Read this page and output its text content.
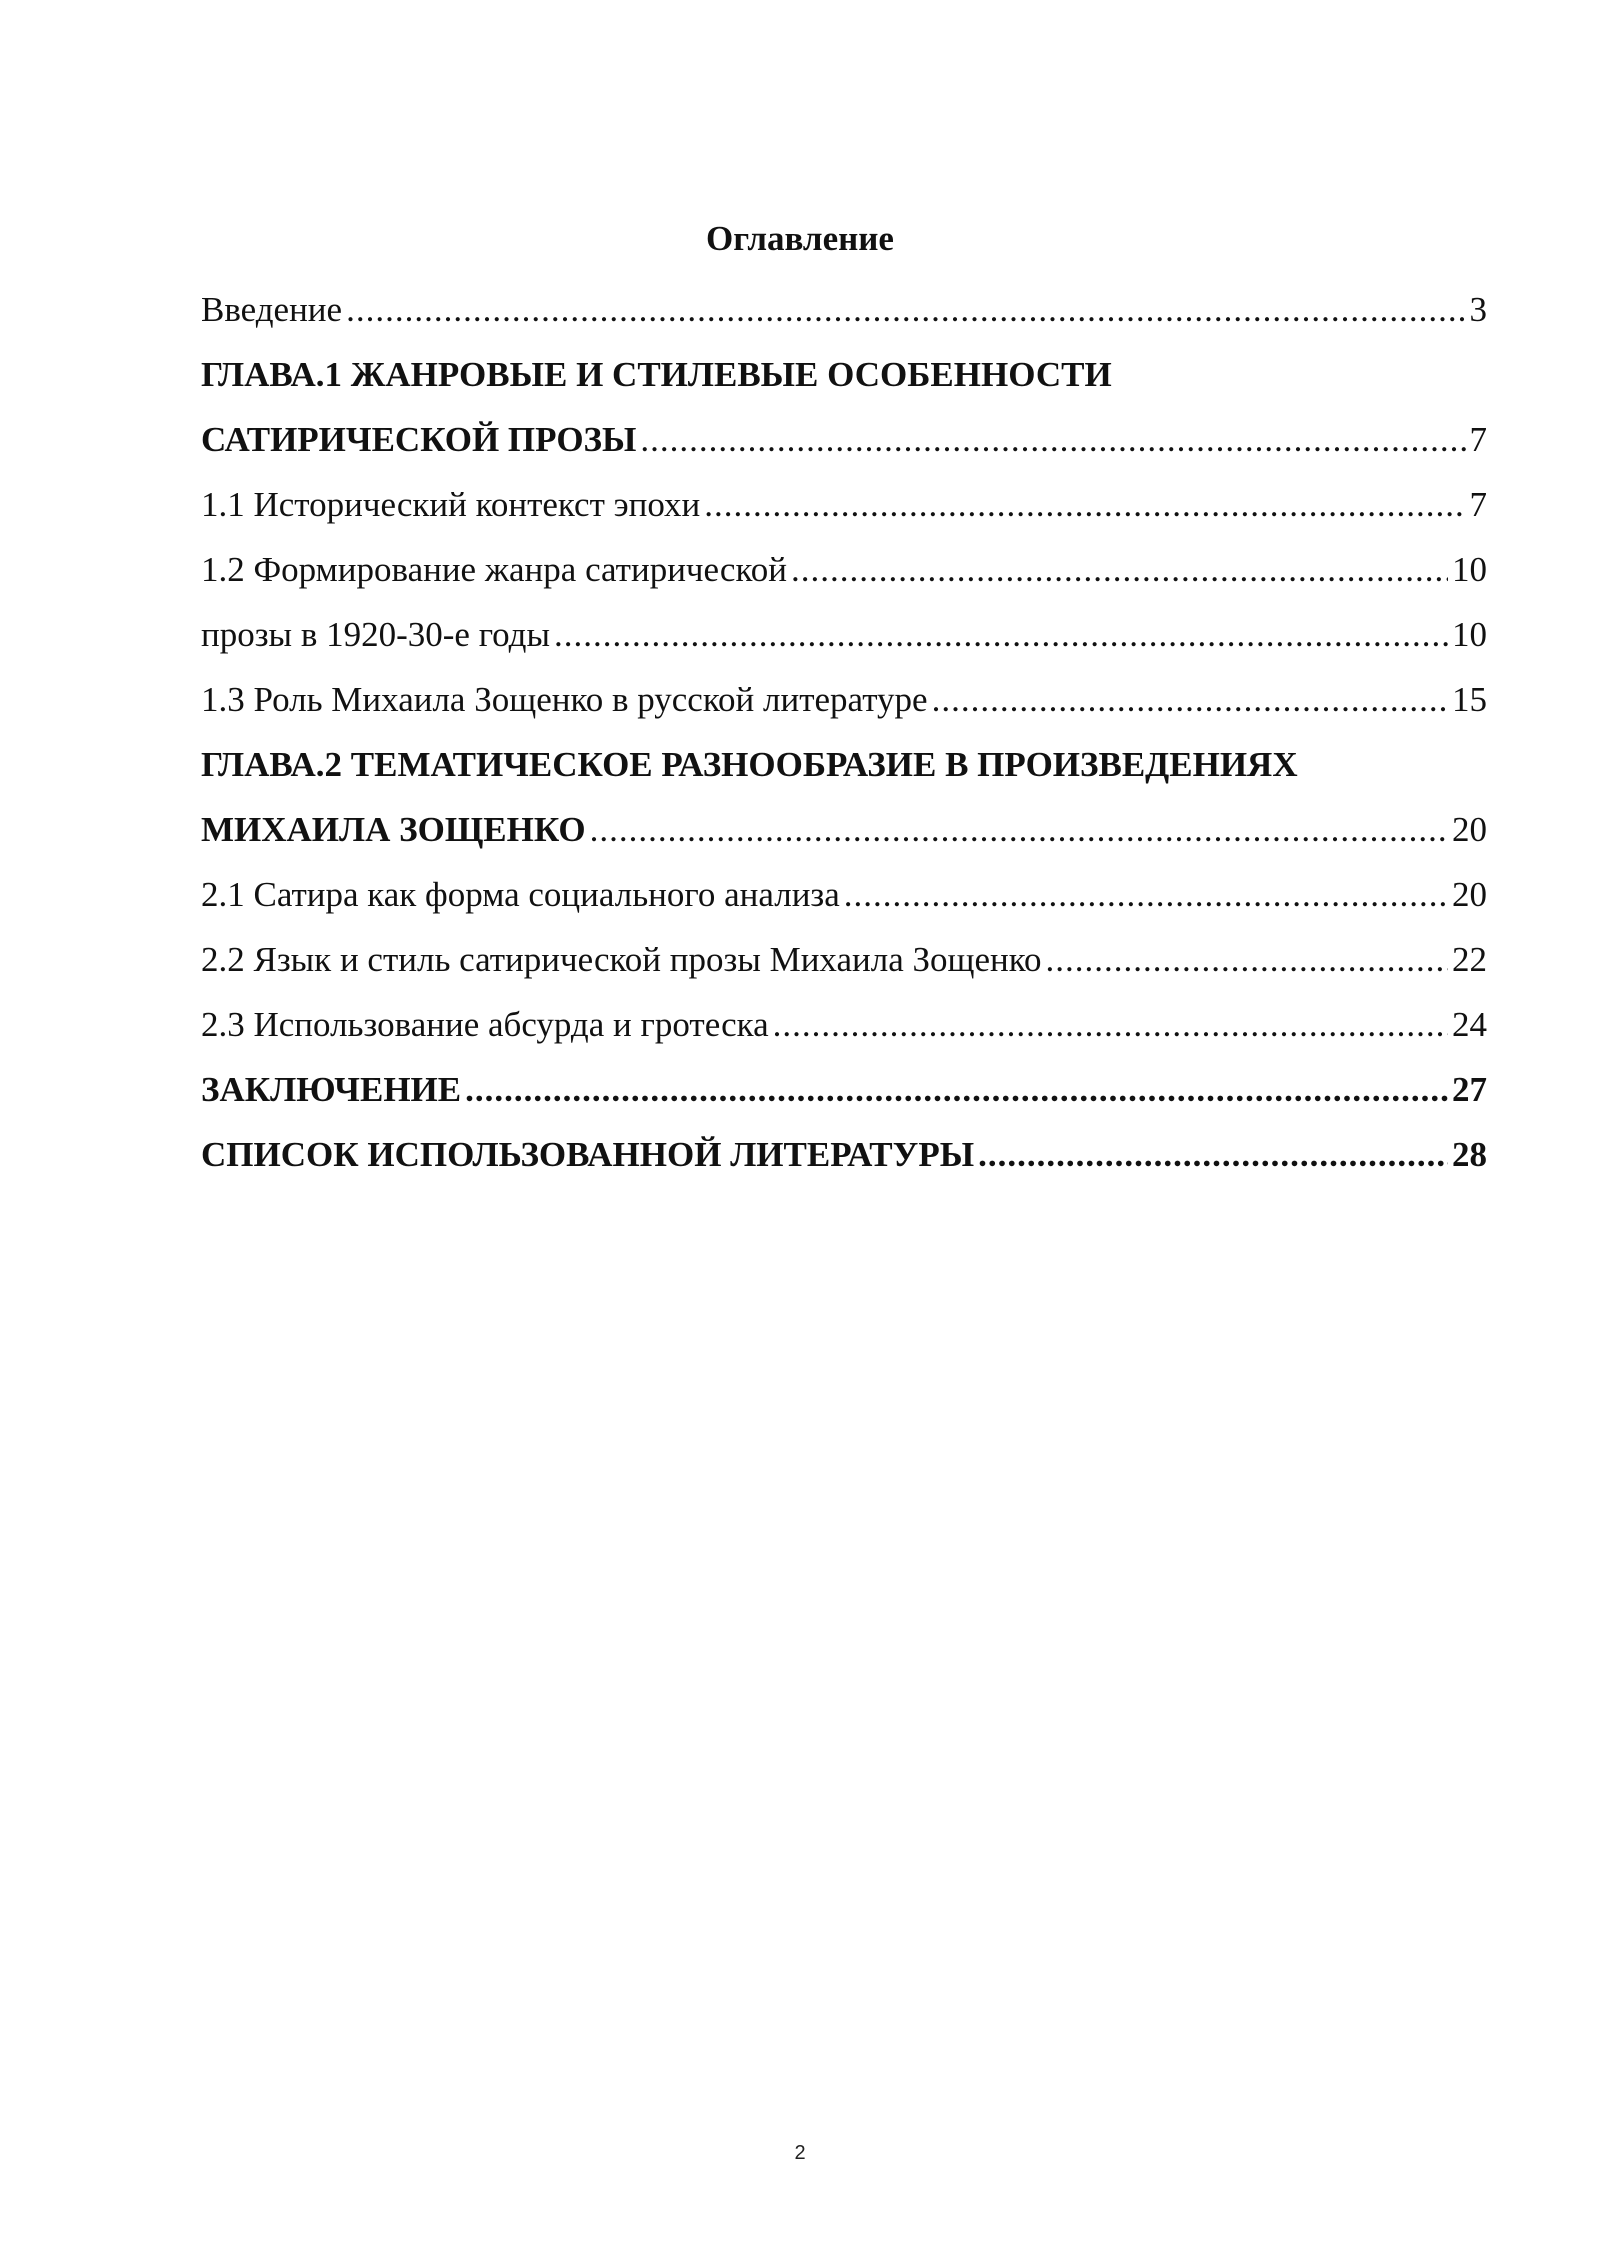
Оглавление
Введение .....	3
ГЛАВА.1 ЖАНРОВЫЕ И СТИЛЕВЫЕ ОСОБЕННОСТИ
САТИРИЧЕСКОЙ ПРОЗЫ .....	7
1.1 Исторический контекст эпохи .....	7
1.2 Формирование жанра сатирической .....	10
прозы в 1920-30-е годы .....	10
1.3 Роль Михаила Зощенко в русской литературе .....	15
ГЛАВА.2 ТЕМАТИЧЕСКОЕ РАЗНООБРАЗИЕ В ПРОИЗВЕДЕНИЯХ
МИХАИЛА ЗОЩЕНКО .....	20
2.1 Сатира как форма социального анализа .....	20
2.2 Язык и стиль сатирической прозы Михаила Зощенко .....	22
2.3 Использование абсурда и гротеска .....	24
ЗАКЛЮЧЕНИЕ .....	27
СПИСОК ИСПОЛЬЗОВАННОЙ ЛИТЕРАТУРЫ .....	28
2
